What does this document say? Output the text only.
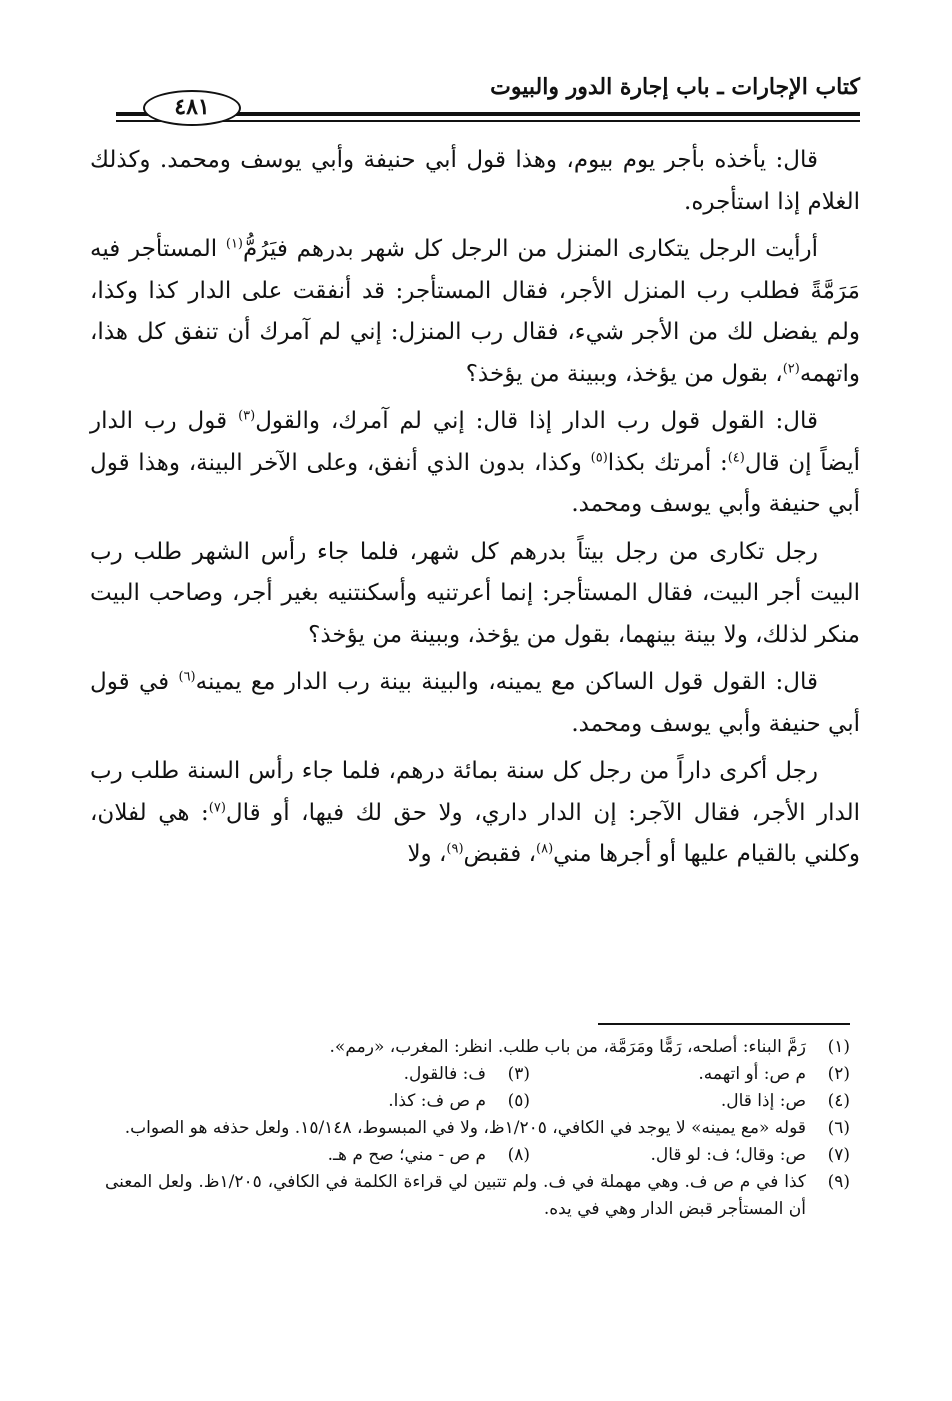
كتاب الإجارات ـ باب إجارة الدور والبيوت
٤٨١

قال: يأخذه بأجر يوم بيوم، وهذا قول أبي حنيفة وأبي يوسف ومحمد. وكذلك الغلام إذا استأجره.

أرأيت الرجل يتكارى المنزل من الرجل كل شهر بدرهم فيَرُمُّ$^{(١)}$ المستأجر فيه مَرَمَّةً فطلب رب المنزل الأجر، فقال المستأجر: قد أنفقت على الدار كذا وكذا، ولم يفضل لك من الأجر شيء، فقال رب المنزل: إني لم آمرك أن تنفق كل هذا، واتهمه$^{(٢)}$، بقول من يؤخذ، وببينة من يؤخذ؟

قال: القول قول رب الدار إذا قال: إني لم آمرك، والقول$^{(٣)}$ قول رب الدار أيضاً إن قال$^{(٤)}$: أمرتك بكذا$^{(٥)}$ وكذا، بدون الذي أنفق، وعلى الآخر البينة، وهذا قول أبي حنيفة وأبي يوسف ومحمد.

رجل تكارى من رجل بيتاً بدرهم كل شهر، فلما جاء رأس الشهر طلب رب البيت أجر البيت، فقال المستأجر: إنما أعرتنيه وأسكنتنيه بغير أجر، وصاحب البيت منكر لذلك، ولا بينة بينهما، بقول من يؤخذ، وببينة من يؤخذ؟

قال: القول قول الساكن مع يمينه، والبينة بينة رب الدار مع يمينه$^{(٦)}$ في قول أبي حنيفة وأبي يوسف ومحمد.

رجل أكرى داراً من رجل كل سنة بمائة درهم، فلما جاء رأس السنة طلب رب الدار الأجر، فقال الآجر: إن الدار داري، ولا حق لك فيها، أو قال$^{(٧)}$: هي لفلان، وكلني بالقيام عليها أو أجرها مني$^{(٨)}$، فقبض$^{(٩)}$، ولا

(١)
رَمَّ البناء: أصلحه، رَمًّا ومَرَمَّة، من باب طلب. انظر: المغرب، «رمم».
(٢)
م ص: أو اتهمه.
(٣)
ف: فالقول.
(٤)
ص: إذا قال.
(٥)
م ص ف: كذا.
(٦)
قوله «مع يمينه» لا يوجد في الكافي، ١/٢٠٥ظ، ولا في المبسوط، ١٥/١٤٨. ولعل حذفه هو الصواب.
(٧)
ص: وقال؛ ف: لو قال.
(٨)
م ص - مني؛ صح م هـ.
(٩)
كذا في م ص ف. وهي مهملة في ف. ولم تتبين لي قراءة الكلمة في الكافي، ١/٢٠٥ظ. ولعل المعنى أن المستأجر قبض الدار وهي في يده.
